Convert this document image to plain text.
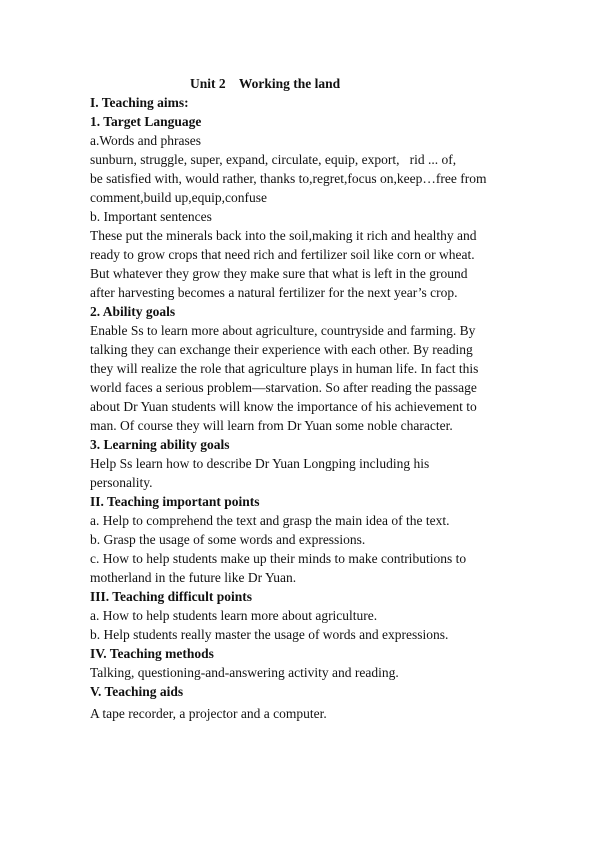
Unit 2    Working the land
I. Teaching aims:
1. Target Language
a.Words and phrases
sunburn, struggle, super, expand, circulate, equip, export,   rid ... of,
be satisfied with, would rather, thanks to,regret,focus on,keep…free from
comment,build up,equip,confuse
b. Important sentences
These put the minerals back into the soil,making it rich and healthy and
ready to grow crops that need rich and fertilizer soil like corn or wheat.
But whatever they grow they make sure that what is left in the ground
after harvesting becomes a natural fertilizer for the next year’s crop.
2. Ability goals
Enable Ss to learn more about agriculture, countryside and farming. By
talking they can exchange their experience with each other. By reading
they will realize the role that agriculture plays in human life. In fact this
world faces a serious problem—starvation. So after reading the passage
about Dr Yuan students will know the importance of his achievement to
man. Of course they will learn from Dr Yuan some noble character.
3. Learning ability goals
Help Ss learn how to describe Dr Yuan Longping including his
personality.
II. Teaching important points
a. Help to comprehend the text and grasp the main idea of the text.
b. Grasp the usage of some words and expressions.
c. How to help students make up their minds to make contributions to
motherland in the future like Dr Yuan.
III. Teaching difficult points
a. How to help students learn more about agriculture.
b. Help students really master the usage of words and expressions.
IV. Teaching methods
Talking, questioning-and-answering activity and reading.
V. Teaching aids
A tape recorder, a projector and a computer.
